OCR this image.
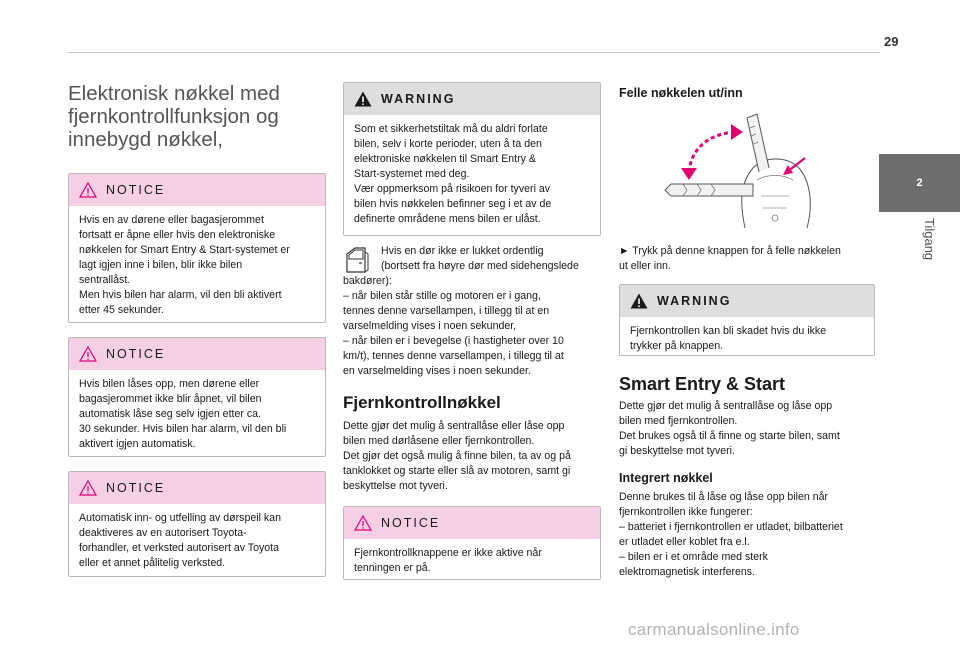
29
2
Tilgang
Elektronisk nøkkel med fjernkontrollfunksjon og innebygd nøkkel,
NOTICE
Hvis en av dørene eller bagasjerommet
fortsatt er åpne eller hvis den elektroniske
nøkkelen for Smart Entry & Start-systemet er
lagt igjen inne i bilen, blir ikke bilen
sentrallåst.
Men hvis bilen har alarm, vil den bli aktivert
etter 45 sekunder.
NOTICE
Hvis bilen låses opp, men dørene eller
bagasjerommet ikke blir åpnet, vil bilen
automatisk låse seg selv igjen etter ca.
30 sekunder. Hvis bilen har alarm, vil den bli
aktivert igjen automatisk.
NOTICE
Automatisk inn- og utfelling av dørspeil kan
deaktiveres av en autorisert Toyota-
forhandler, et verksted autorisert av Toyota
eller et annet pålitelig verksted.
WARNING
Som et sikkerhetstiltak må du aldri forlate
bilen, selv i korte perioder, uten å ta den
elektroniske nøkkelen til Smart Entry &
Start-systemet med deg.
Vær oppmerksom på risikoen for tyveri av
bilen hvis nøkkelen befinner seg i et av de
definerte områdene mens bilen er ulåst.
Hvis en dør ikke er lukket ordentlig
(bortsett fra høyre dør med sidehengslede
bakdører):
– når bilen står stille og motoren er i gang,
tennes denne varsellampen, i tillegg til at en
varselmelding vises i noen sekunder,
– når bilen er i bevegelse (i hastigheter over 10
km/t), tennes denne varsellampen, i tillegg til at
en varselmelding vises i noen sekunder.
Fjernkontrollnøkkel
Dette gjør det mulig å sentrallåse eller låse opp
bilen med dørlåsene eller fjernkontrollen.
Det gjør det også mulig å finne bilen, ta av og på
tanklokket og starte eller slå av motoren, samt gi
beskyttelse mot tyveri.
NOTICE
Fjernkontrollknappene er ikke aktive når
tenningen er på.
Felle nøkkelen ut/inn
► Trykk på denne knappen for å felle nøkkelen
ut eller inn.
WARNING
Fjernkontrollen kan bli skadet hvis du ikke
trykker på knappen.
Smart Entry & Start
Dette gjør det mulig å sentrallåse og låse opp
bilen med fjernkontrollen.
Det brukes også til å finne og starte bilen, samt
gi beskyttelse mot tyveri.
Integrert nøkkel
Denne brukes til å låse og låse opp bilen når
fjernkontrollen ikke fungerer:
– batteriet i fjernkontrollen er utladet, bilbatteriet
er utladet eller koblet fra e.l.
– bilen er i et område med sterk
elektromagnetisk interferens.
carmanualsonline.info
